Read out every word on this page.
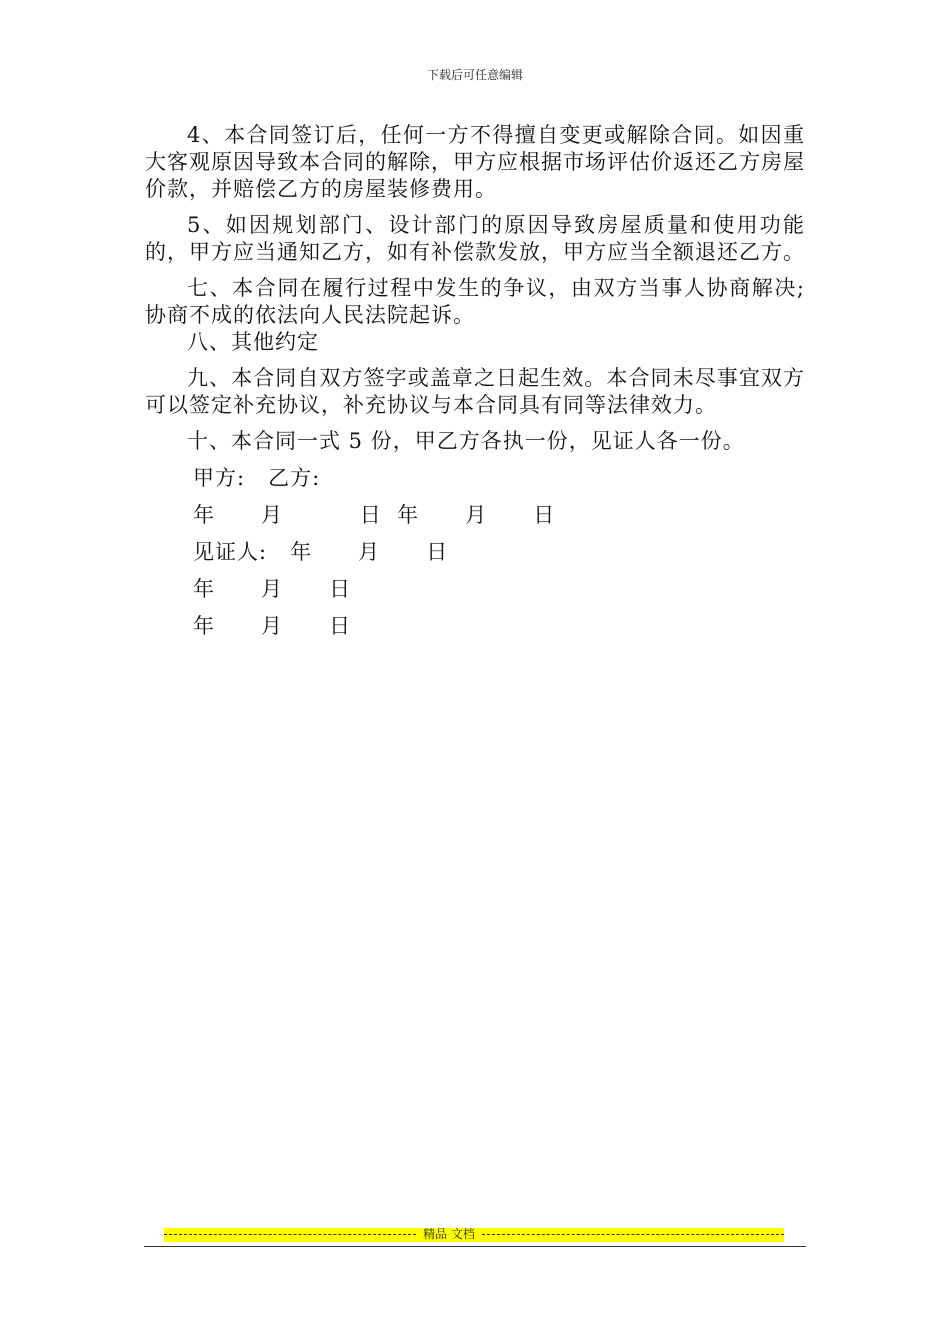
下载后可任意编辑

4、本合同签订后，任何一方不得擅自变更或解除合同。如因重大客观原因导致本合同的解除，甲方应根据市场评估价返还乙方房屋价款，并赔偿乙方的房屋装修费用。

5、如因规划部门、设计部门的原因导致房屋质量和使用功能的，甲方应当通知乙方，如有补偿款发放，甲方应当全额退还乙方。

七、本合同在履行过程中发生的争议，由双方当事人协商解决;协商不成的依法向人民法院起诉。

八、其他约定

九、本合同自双方签字或盖章之日起生效。本合同未尽事宜双方可以签定补充协议，补充协议与本合同具有同等法律效力。

十、本合同一式 5 份，甲乙方各执一份，见证人各一份。

甲方:   乙方:

年      月          日  年      月      日

见证人:   年      月      日

年      月      日

年      月      日

精品 文档
